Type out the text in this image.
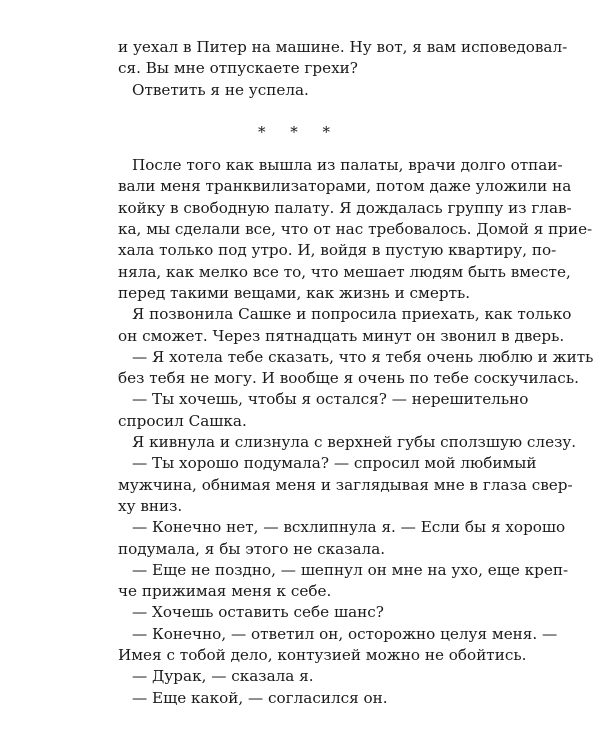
и уехал в Питер на машине. Ну вот, я вам исповедовал-
ся. Вы мне отпускаете грехи?
Ответить я не успела.
* * *
После того как вышла из палаты, врачи долго отпаи-
вали меня транквилизаторами, потом даже уложили на
койку в свободную палату. Я дождалась группу из глав-
ка, мы сделали все, что от нас требовалось. Домой я прие-
хала только под утро. И, войдя в пустую квартиру, по-
няла, как мелко все то, что мешает людям быть вместе,
перед такими вещами, как жизнь и смерть.
Я позвонила Сашке и попросила приехать, как только
он сможет. Через пятнадцать минут он звонил в дверь.
— Я хотела тебе сказать, что я тебя очень люблю и жить
без тебя не могу. И вообще я очень по тебе соскучилась.
— Ты хочешь, чтобы я остался? — нерешительно
спросил Сашка.
Я кивнула и слизнула с верхней губы сползшую слезу.
— Ты хорошо подумала? — спросил мой любимый
мужчина, обнимая меня и заглядывая мне в глаза свер-
ху вниз.
— Конечно нет, — всхлипнула я. — Если бы я хорошо
подумала, я бы этого не сказала.
— Еще не поздно, — шепнул он мне на ухо, еще креп-
че прижимая меня к себе.
— Хочешь оставить себе шанс?
— Конечно, — ответил он, осторожно целуя меня. —
Имея с тобой дело, контузией можно не обойтись.
— Дурак, — сказала я.
— Еще какой, — согласился он.
